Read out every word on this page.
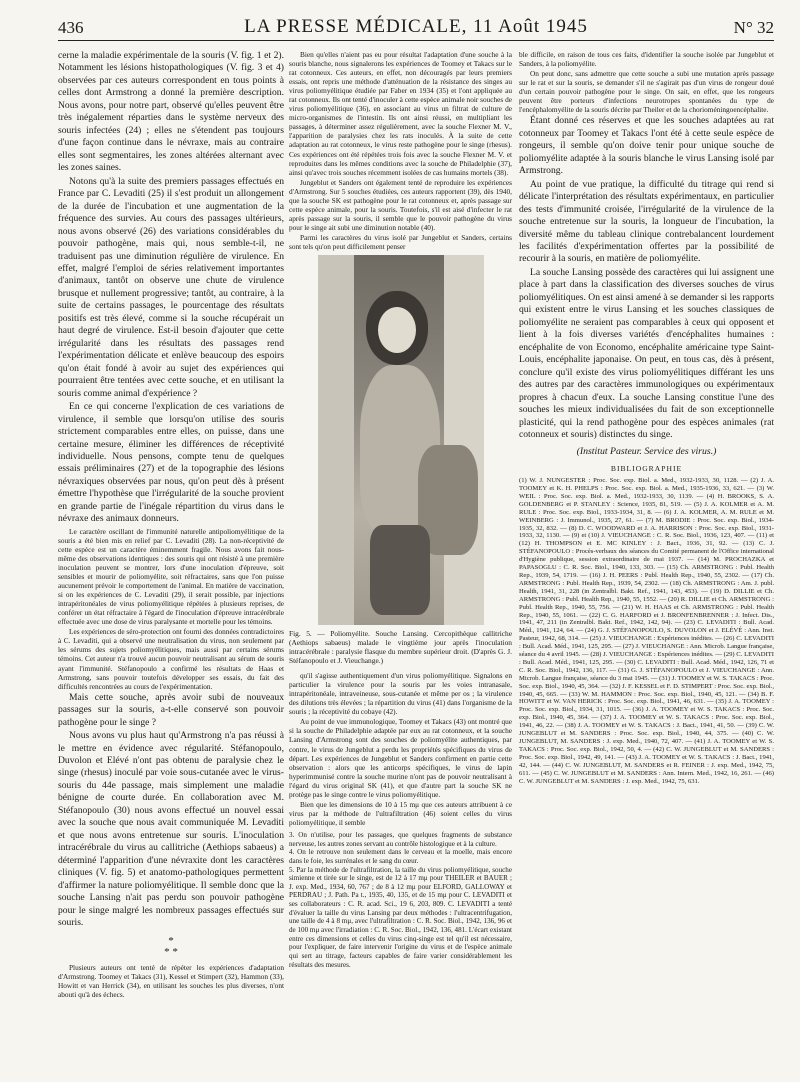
436	LA PRESSE MÉDICALE, 11 Août 1945	N° 32

cerne la maladie expérimentale de la souris (V. fig. 1 et 2). Notamment les lésions histopathologiques (V. fig. 3 et 4) observées par ces auteurs correspondent en tous points à celles dont Armstrong a donné la première description. Nous avons, pour notre part, observé qu'elles peuvent être très inégalement réparties dans le système nerveux des souris infectées (24) ; elles ne s'étendent pas toujours d'une façon continue dans le névraxe, mais au contraire elles sont segmentaires, les zones altérées alternant avec les zones saines.

Notons qu'à la suite des premiers passages effectués en France par C. Levaditi (25) il s'est produit un allongement de la durée de l'incubation et une augmentation de la fréquence des survies. Au cours des passages ultérieurs, nous avons observé (26) des variations considérables du pouvoir pathogène, mais qui, nous semble-t-il, ne traduisent pas une diminution régulière de virulence. En effet, malgré l'emploi de séries relativement importantes d'animaux, tantôt on observe une chute de virulence brusque et nullement progressive; tantôt, au contraire, à la suite de certains passages, le pourcentage des résultats positifs est très élevé, comme si la souche récupérait un haut degré de virulence. Est-il besoin d'ajouter que cette irrégularité dans les résultats des passages rend l'expérimentation délicate et enlève beaucoup des espoirs qu'on était fondé à avoir au sujet des expériences qui pourraient être tentées avec cette souche, et en utilisant la souris comme animal d'expérience ?

En ce qui concerne l'explication de ces variations de virulence, il semble que lorsqu'on utilise des souris strictement comparables entre elles, on puisse, dans une certaine mesure, éliminer les différences de réceptivité individuelle. Nous pensons, compte tenu de quelques essais préliminaires (27) et de la topographie des lésions névraxiques observées par nous, qu'on peut dès à présent émettre l'hypothèse que l'irrégularité de la souche provient en grande partie de l'inégale répartition du virus dans le névraxe des animaux donneurs.

Le caractère oscillant de l'immunité naturelle antipoliomyélitique de la souris a été bien mis en relief par C. Levaditi (28). La non-réceptivité de cette espèce est un caractère éminemment fragile. Nous avons fait nous-même des observations identiques : des souris qui ont résisté à une première inoculation peuvent se montrer, lors d'une inoculation d'épreuve, soit sensibles et mourir de poliomyélite, soit réfractaires, sans que l'on puisse aucunement prévoir le comportement de l'animal. En matière de vaccination, si on les expériences de C. Levaditi (29), il serait possible, par injections intrapéritonéales de virus poliomyélitique répétées à plusieurs reprises, de conférer un état réfractaire à l'égard de l'inoculation d'épreuve intracérébrale effectuée avec une dose de virus paralysante et mortelle pour les témoins.

Les expériences de séro-protection ont fourni des données contradictoires à C. Levaditi, qui a observé une neutralisation du virus, non seulement par les sérums des sujets poliomyélitiques, mais aussi par certains sérums témoins. Cet auteur n'a trouvé aucun pouvoir neutralisant au sérum de souris ayant l'immunité. Stéfanopoulo a confirmé les résultats de Haas et Armstrong, sans pouvoir toutefois développer ses essais, du fait des difficultés rencontrées au cours de l'expérimentation.

Mais cette souche, après avoir subi de nouveaux passages sur la souris, a-t-elle conservé son pouvoir pathogène pour le singe ?

Nous avons vu plus haut qu'Armstrong n'a pas réussi à le mettre en évidence avec régularité. Stéfanopoulo, Duvolon et Elévé n'ont pas obtenu de paralysie chez le singe (rhesus) inoculé par voie sous-cutanée avec le virus-souris du 44e passage, mais simplement une maladie bénigne de courte durée. En collaboration avec M. Stéfanopoulo (30) nous avons effectué un nouvel essai avec la souche que nous avait communiquée M. Levaditi et que nous avons entretenue sur souris. L'inoculation intracérébrale du virus au callitriche (Aethiops sabaeus) a déterminé l'apparition d'une névraxite dont les caractères cliniques (V. fig. 5) et anatomo-pathologiques permettent d'affirmer la nature poliomyélitique. Il semble donc que la souche Lansing n'ait pas perdu son pouvoir pathogène pour le singe malgré les nombreux passages effectués sur souris.

*
* *

Plusieurs auteurs ont tenté de répéter les expériences d'adaptation d'Armstrong. Toomey et Takacs (31), Kessel et Stimpert (32), Hammon (33), Howitt et van Herrick (34), en utilisant les souches les plus diverses, n'ont abouti qu'à des échecs.

Bien qu'elles n'aient pas eu pour résultat l'adaptation d'une souche à la souris blanche, nous signalerons les expériences de Toomey et Takacs sur le rat cotonneux. Ces auteurs, en effet, non découragés par leurs premiers essais, ont repris une méthode d'atténuation de la résistance des singes au virus poliomyélitique étudiée par Faber en 1934 (35) et l'ont appliquée au rat cotonneux. Ils ont tenté d'inoculer à cette espèce animale noir souches de virus poliomyélitique (36), en associant au virus un filtrat de culture de micro-organismes de l'intestin. Ils ont ainsi réussi, en multipliant les passages, à déterminer assez régulièrement, avec la souche Flexner M. V., l'apparition de paralysies chez les rats inoculés. À la suite de cette adaptation au rat cotonneux, le virus reste pathogène pour le singe (rhesus). Ces expériences ont été répétées trois fois avec la souche Flexner M. V. et reproduites dans les mêmes conditions avec la souche de Philadelphie (37), ainsi qu'avec trois souches récemment isolées de cas humains mortels (38).

Jungeblut et Sanders ont également tenté de reproduire les expériences d'Armstrong. Sur 5 souches étudiées, ces auteurs rapportent (39), dès 1940, que la souche SK est pathogène pour le rat cotonneux et, après passage sur cette espèce animale, pour la souris. Toutefois, s'il est aisé d'infecter le rat après passage sur la souris, il semble que le pouvoir pathogène du virus pour le singe ait subi une diminution notable (40).

Parmi les caractères du virus isolé par Jungeblut et Sanders, certains sont tels qu'on peut difficilement penser

Fig. 5. — Poliomyélite. Souche Lansing. Cercopithèque callitriche (Aethiops sabaeus) malade le vingtième jour après l'inoculation intracérébrale : paralysie flasque du membre supérieur droit. (D'après G. J. Stéfanopoulo et J. Vieuchange.)

qu'il s'agisse authentiquement d'un virus poliomyélitique. Signalons en particulier la virulence pour la souris par les voies intranasale, intrapéritonéale, intraveineuse, sous-cutanée et même per os ; la virulence des dilutions très élevées ; la répartition du virus (41) dans l'organisme de la souris ; la réceptivité du cobaye (42).

Au point de vue immunologique, Toomey et Takacs (43) ont montré que si la souche de Philadelphie adaptée par eux au rat cotonneux, et la souche Lansing d'Armstrong sont des souches de poliomyélite authentiques, par contre, le virus de Jungeblut a perdu les propriétés spécifiques du virus de départ. Les expériences de Jungeblut et Sanders confirment en partie cette observation : alors que les anticorps spécifiques, le virus de lapin hyperimmunisé contre la souche murine n'ont pas de pouvoir neutralisant à l'égard du virus original SK (41), et que d'autre part la souche SK ne protège pas le singe contre le virus poliomyélitique.

Bien que les dimensions de 10 à 15 mμ que ces auteurs attribuent à ce virus par la méthode de l'ultrafiltration (46) soient celles du virus poliomyélitique, il semble

3. On n'utilise, pour les passages, que quelques fragments de substance nerveuse, les autres zones servant au contrôle histologique et à la culture.
4. On le retrouve non seulement dans le cerveau et la moelle, mais encore dans le foie, les surrénales et le sang du cœur.
5. Par la méthode de l'ultrafiltration, la taille du virus poliomyélitique, souche simienne et tirée sur le singe, est de 12 à 17 mμ pour THEILER et BAUER ; J. exp. Med., 1934, 60, 767 ; de 8 à 12 mμ pour ELFORD, GALLOWAY et PERDRAU ; J. Path. Pa t., 1935, 40, 135, et de 15 mμ pour C. LEVADITI et ses collaborateurs : C. R. acad. Sci., 19 6, 203, 809. C. LEVADITI a tenté d'évaluer la taille du virus Lansing par deux méthodes : l'ultracentrifugation, une taille de 4 à 8 mμ, avec l'ultrafiltration : C. R. Soc. Biol., 1942, 136, 96 et de 100 mμ avec l'irradiation : C. R. Soc. Biol., 1942, 136, 481. L'écart existant entre ces dimensions et celles du virus cinq-singe est tel qu'il est nécessaire, pour l'expliquer, de faire intervenir l'origine du virus et de l'espèce animale qui sert au titrage, facteurs capables de faire varier considérablement les résultats des mesures.

ble difficile, en raison de tous ces faits, d'identifier la souche isolée par Jungeblut et Sanders, à la poliomyélite.

On peut donc, sans admettre que cette souche a subi une mutation après passage sur le rat et sur la souris, se demander s'il ne s'agirait pas d'un virus de rongeur doué d'un certain pouvoir pathogène pour le singe. On sait, en effet, que les rongeurs peuvent être porteurs d'infections neurotropes spontanées du type de l'encéphalomyélite de la souris décrite par Theiler et de la chorioméningoencéphalite.

Étant donné ces réserves et que les souches adaptées au rat cotonneux par Toomey et Takacs l'ont été à cette seule espèce de rongeurs, il semble qu'on doive tenir pour unique souche de poliomyélite adaptée à la souris blanche le virus Lansing isolé par Armstrong.

Au point de vue pratique, la difficulté du titrage qui rend si délicate l'interprétation des résultats expérimentaux, en particulier des tests d'immunité croisée, l'irrégularité de la virulence de la souche entretenue sur la souris, la longueur de l'incubation, la diversité même du tableau clinique contrebalancent lourdement les facilités d'expérimentation offertes par la possibilité de recourir à la souris, en matière de poliomyélite.

La souche Lansing possède des caractères qui lui assignent une place à part dans la classification des diverses souches de virus poliomyélitiques. On est ainsi amené à se demander si les rapports qui existent entre le virus Lansing et les souches classiques de poliomyélite ne seraient pas comparables à ceux qui opposent et lient à la fois diverses variétés d'encéphalites humaines : encéphalite de von Economo, encéphalite américaine type Saint-Louis, encéphalite japonaise. On peut, en tous cas, dès à présent, conclure qu'il existe des virus poliomyélitiques différant les uns des autres par des caractères immunologiques ou expérimentaux propres à chacun d'eux. La souche Lansing constitue l'une des souches les mieux individualisées du fait de son exceptionnelle plasticité, qui la rend pathogène pour des espèces animales (rat cotonneux et souris) distinctes du singe.

(Institut Pasteur. Service des virus.)
BIBLIOGRAPHIE

(1) W. J. NUNGESTER : Proc. Soc. exp. Biol. a. Med., 1932-1933, 30, 1128. — (2) J. A. TOOMEY et K. H. PHELPS : Proc. Soc. exp. Biol. a. Med., 1935-1936, 33, 621. — (3) W. WEIL : Proc. Soc. exp. Biol. a. Med., 1932-1933, 30, 1139. — (4) H. BROOKS, S. A. GOLDENBERG et P. STANLEY : Science, 1935, 81, 519. — (5) J. A. KOLMER et A. M. RULE : Proc. Soc. exp. Biol., 1933-1934, 31, 8. — (6) J. A. KOLMER, A. M. RULE et M. WEINBERG : J. Immunol., 1935, 27, 61. — (7) M. BRODIE : Proc. Soc. exp. Biol., 1934-1935, 32, 832. — (8) D. C. WOODWARD et J. A. HARRISON : Proc. Soc. exp. Biol., 1931-1933, 32, 1130. — (9) et (10) J. VIEUCHANGE : C. R. Soc. Biol., 1936, 123, 407. — (11) et (12) H. THOMPSON et E. MC KINLEY : J. Bact., 1936, 31, 92. — (13) C. J. STÉFANOPOULO : Procès-verbaux des séances du Comité permanent de l'Office international d'Hygiène publique, session extraordinaire de mai 1937. — (14) M. PROCHAZKA et PAPASOGLU : C. R. Soc. Biol., 1940, 133, 303. — (15) Ch. ARMSTRONG : Publ. Health Rep., 1939, 54, 1719. — (16) J. H. PEERS : Publ. Health Rep., 1940, 55, 2302. — (17) Ch. ARMSTRONG : Publ. Health Rep., 1939, 54, 2302. — (18) Ch. ARMSTRONG : Am. J. publ. Health, 1941, 31, 228 (in Zentralbl. Bakt. Ref., 1941, 143, 453). — (19) D. DILLIE et Ch. ARMSTRONG : Publ. Health Rep., 1940, 55, 1552. — (20) R. DILLIE et Ch. ARMSTRONG : Publ. Health Rep., 1940, 55, 756. — (21) W. H. HAAS et Ch. ARMSTRONG : Publ. Health Rep., 1940, 55, 1061. — (22) C. G. HARFORD et J. BRONFENBRENNER : J. Infect. Dis., 1941, 47, 211 (in Zentralbl. Bakt. Ref., 1942, 142, 94). — (23) C. LEVADITI : Bull. Acad. Méd., 1941, 124, 64. — (24) G. J. STÉFANOPOULO, S. DUVOLON et J. ELÉVÉ : Ann. Inst. Pasteur, 1942, 68, 314. — (25) J. VIEUCHANGE : Expériences inédites. — (26) C. LEVADITI : Bull. Acad. Méd., 1941, 125, 295. — (27) J. VIEUCHANGE : Ann. Microb. Langue française, séance du 4 avril 1945. — (28) J. VIEUCHANGE : Expériences inédites. — (29) C. LEVADITI : Bull. Acad. Méd., 1941, 125, 295. — (30) C. LEVADITI : Bull. Acad. Méd., 1942, 126, 71 et C. R. Soc. Biol., 1942, 136, 117. — (31) G. J. STÉFANOPOULO et J. VIEUCHANGE : Ann. Microb. Langue française, séance du 3 mai 1945. — (31) J. TOOMEY et W. S. TAKACS : Proc. Soc. exp. Biol., 1940, 45, 364. — (32) J. F. KESSEL et F. D. STIMPERT : Proc. Soc. exp. Biol., 1940, 45, 665. — (33) W. M. HAMMON : Proc. Soc. exp. Biol., 1940, 45, 121. — (34) B. F. HOWITT et W. VAN HERICK : Proc. Soc. exp. Biol., 1941, 46, 631. — (35) J. A. TOOMEY : Proc. Soc. exp. Biol., 1934, 31, 1015. — (36) J. A. TOOMEY et W. S. TAKACS : Proc. Soc. exp. Biol., 1940, 45, 364. — (37) J. A. TOOMEY et W. S. TAKACS : Proc. Soc. exp. Biol., 1941, 46, 22. — (38) J. A. TOOMEY et W. S. TAKACS : J. Bact., 1941, 41, 50. — (39) C. W. JUNGEBLUT et M. SANDERS : Proc. Soc. exp. Biol., 1940, 44, 375. — (40) C. W. JUNGEBLUT, M. SANDERS : J. exp. Med., 1940, 72, 407. — (41) J. A. TOOMEY et W. S. TAKACS : Proc. Soc. exp. Biol., 1942, 50, 4. — (42) C. W. JUNGEBLUT et M. SANDERS : Proc. Soc. exp. Biol., 1942, 49, 141. — (43) J. A. TOOMEY et W. S. TAKACS : J. Bact., 1941, 42, 144. — (44) C. W. JUNGEBLUT, M. SANDERS et R. FEINER : J. exp. Med., 1942, 75, 611. — (45) C. W. JUNGEBLUT et M. SANDERS : Ann. Intern. Med., 1942, 16, 261. — (46) C. W. JUNGEBLUT et M. SANDERS : J. exp. Med., 1942, 75, 631.
